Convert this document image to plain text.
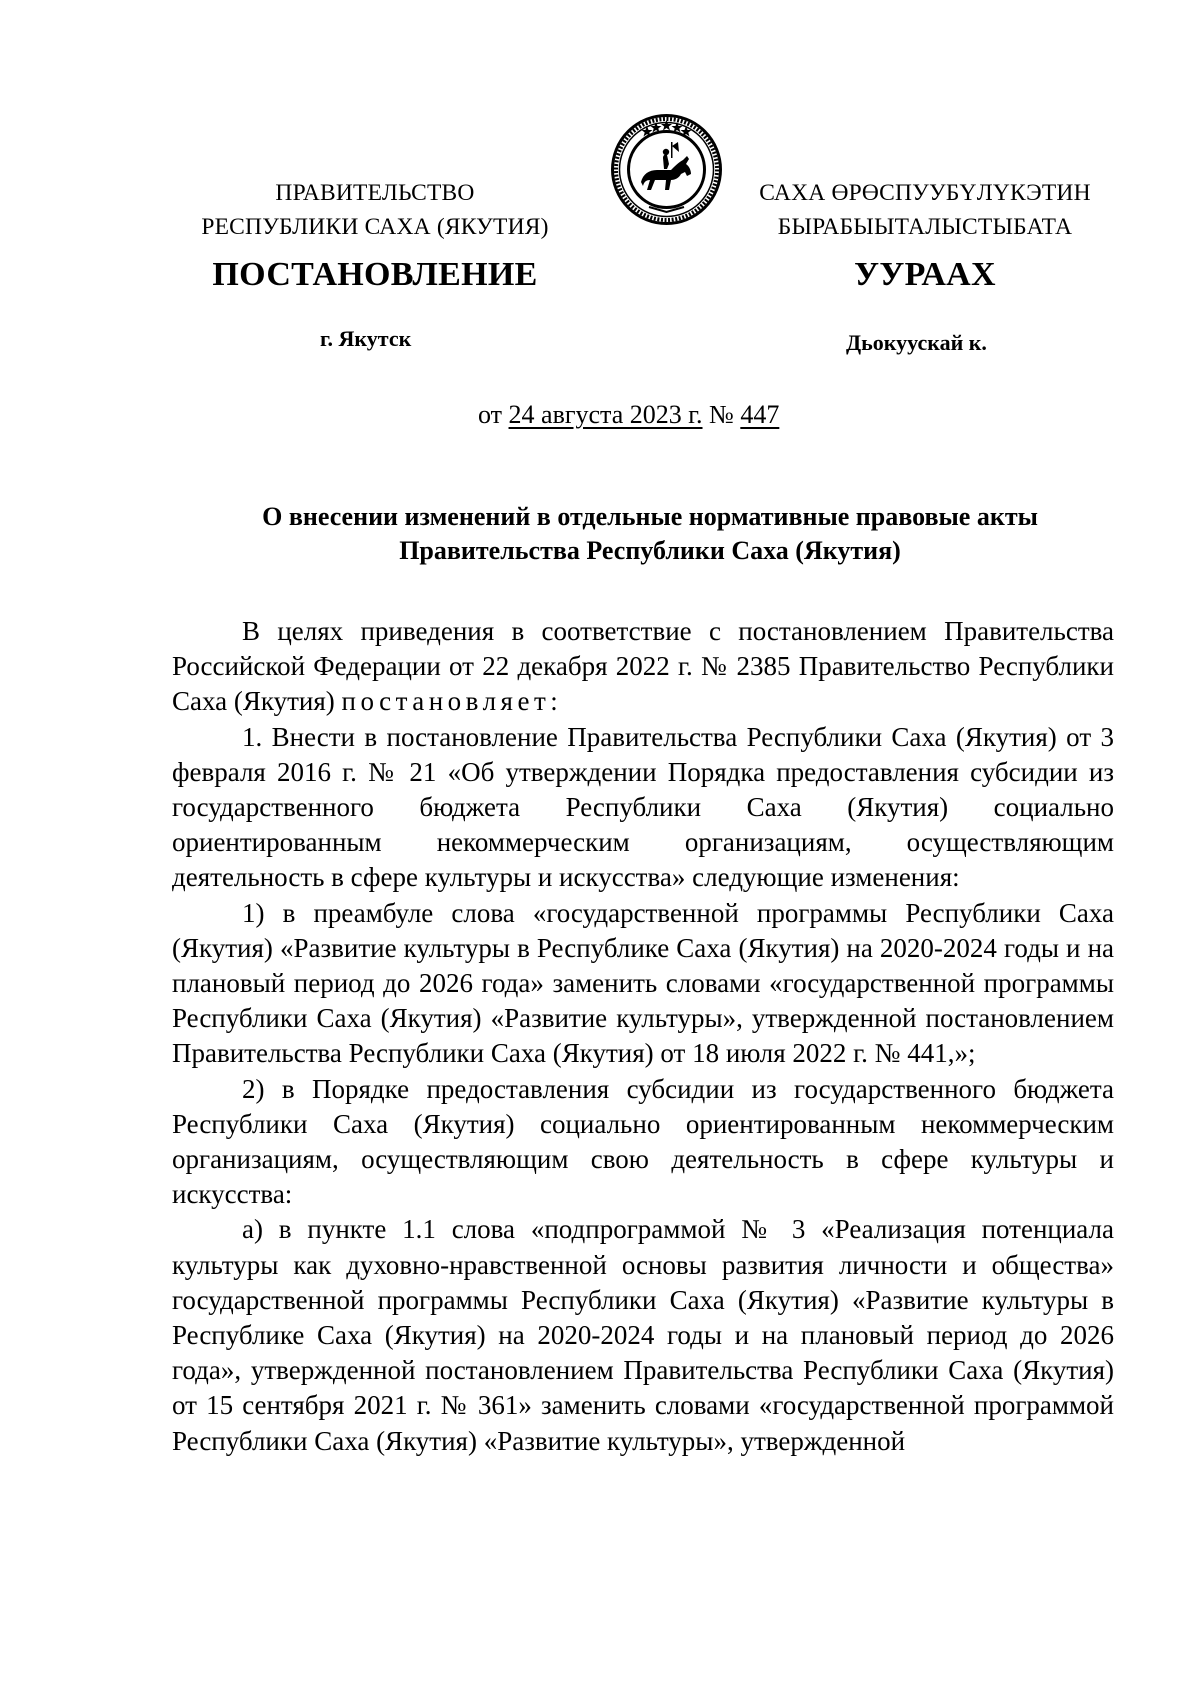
ПРАВИТЕЛЬСТВО
РЕСПУБЛИКИ САХА (ЯКУТИЯ)
САХА ӨРӨСПУУБҮЛҮКЭТИН
БЫРАБЫЫТАЛЫСТЫБАТА
ПОСТАНОВЛЕНИЕ	УУРААХ
г. Якутск	Дьокуускай к.
от 24 августа 2023 г. № 447
О внесении изменений в отдельные нормативные правовые акты
Правительства Республики Саха (Якутия)

В целях приведения в соответствие с постановлением Правительства Российской Федерации от 22 декабря 2022 г. № 2385 Правительство Республики Саха (Якутия) постановляет:

1. Внести в постановление Правительства Республики Саха (Якутия) от 3 февраля 2016 г. № 21 «Об утверждении Порядка предоставления субсидии из государственного бюджета Республики Саха (Якутия) социально ориентированным некоммерческим организациям, осуществляющим деятельность в сфере культуры и искусства» следующие изменения:

1) в преамбуле слова «государственной программы Республики Саха (Якутия) «Развитие культуры в Республике Саха (Якутия) на 2020-2024 годы и на плановый период до 2026 года» заменить словами «государственной программы Республики Саха (Якутия) «Развитие культуры», утвержденной постановлением Правительства Республики Саха (Якутия) от 18 июля 2022 г. № 441,»;

2) в Порядке предоставления субсидии из государственного бюджета Республики Саха (Якутия) социально ориентированным некоммерческим организациям, осуществляющим свою деятельность в сфере культуры и искусства:

а) в пункте 1.1 слова «подпрограммой № 3 «Реализация потенциала культуры как духовно-нравственной основы развития личности и общества» государственной программы Республики Саха (Якутия) «Развитие культуры в Республике Саха (Якутия) на 2020-2024 годы и на плановый период до 2026 года», утвержденной постановлением Правительства Республики Саха (Якутия) от 15 сентября 2021 г. № 361» заменить словами «государственной программой Республики Саха (Якутия) «Развитие культуры», утвержденной
